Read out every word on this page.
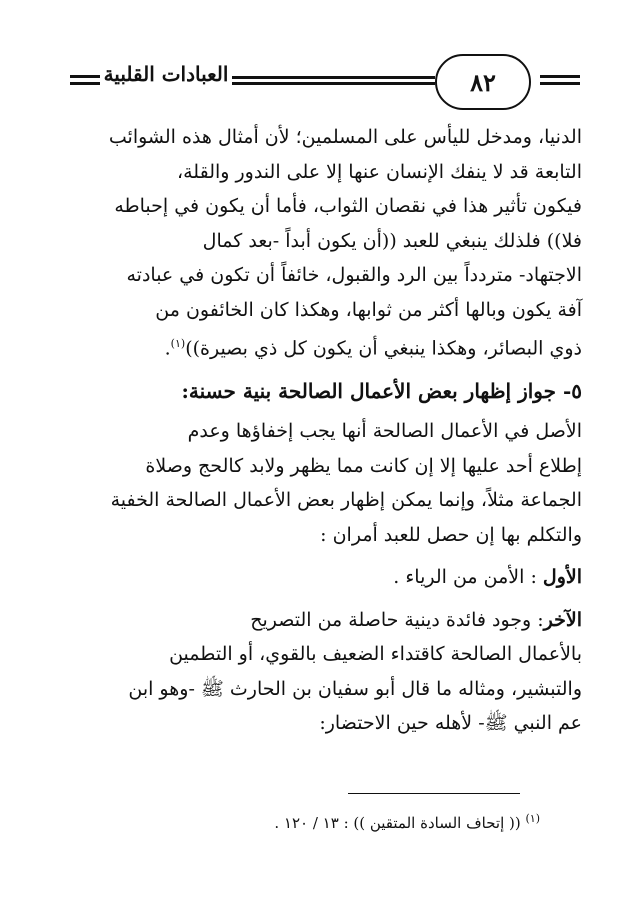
٨٢
العبادات القلبية
الدنيا، ومدخل لليأس على المسلمين؛ لأن أمثال هذه الشوائب
التابعة قد لا ينفك الإنسان عنها إلا على الندور والقلة،
فيكون تأثير هذا في نقصان الثواب، فأما أن يكون في إحباطه
فلا)) فلذلك ينبغي للعبد ((أن يكون أبداً -بعد كمال
الاجتهاد- متردداً بين الرد والقبول، خائفاً أن تكون في عبادته
آفة يكون وبالها أكثر من ثوابها، وهكذا كان الخائفون من
ذوي البصائر، وهكذا ينبغي أن يكون كل ذي بصيرة))$^{(١)}$.
٥- جواز إظهار بعض الأعمال الصالحة بنية حسنة:
الأصل في الأعمال الصالحة أنها يجب إخفاؤها وعدم
إطلاع أحد عليها إلا إن كانت مما يظهر ولابد كالحج وصلاة
الجماعة مثلاً، وإنما يمكن إظهار بعض الأعمال الصالحة الخفية
والتكلم بها إن حصل للعبد أمران :
الأول : الأمن من الرياء .
الآخر: وجود فائدة دينية حاصلة من التصريح
بالأعمال الصالحة كاقتداء الضعيف بالقوي، أو التطمين
والتبشير، ومثاله ما قال أبو سفيان بن الحارث ﷺ -وهو ابن
عم النبي ﷺ- لأهله حين الاحتضار:
$^{(١)}$ (( إتحاف السادة المتقين )) : ١٣ / ١٢٠ .
